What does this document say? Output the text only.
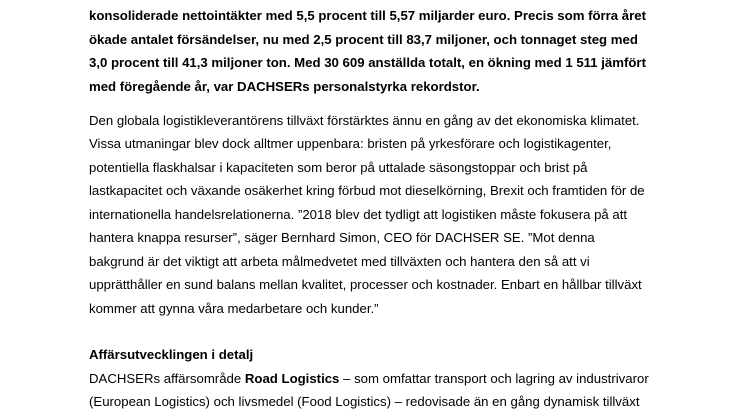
konsoliderade nettointäkter med 5,5 procent till 5,57 miljarder euro. Precis som förra året
ökade antalet försändelser, nu med 2,5 procent till 83,7 miljoner, och tonnaget steg med
3,0 procent till 41,3 miljoner ton. Med 30 609 anställda totalt, en ökning med 1 511 jämfört
med föregående år, var DACHSERs personalstyrka rekordstor.
Den globala logistikleverantörens tillväxt förstärktes ännu en gång av det ekonomiska klimatet.
Vissa utmaningar blev dock alltmer uppenbara: bristen på yrkesförare och logistikagenter,
potentiella flaskhalsar i kapaciteten som beror på uttalade säsongstoppar och brist på
lastkapacitet och växande osäkerhet kring förbud mot dieselkörning, Brexit och framtiden för de
internationella handelsrelationerna. ”2018 blev det tydligt att logistiken måste fokusera på att
hantera knappa resurser”, säger Bernhard Simon, CEO för DACHSER SE. ”Mot denna
bakgrund är det viktigt att arbeta målmedvetet med tillväxten och hantera den så att vi
upprätthåller en sund balans mellan kvalitet, processer och kostnader. Enbart en hållbar tillväxt
kommer att gynna våra medarbetare och kunder.”
Affärsutvecklingen i detalj
DACHSERs affärsområde Road Logistics – som omfattar transport och lagring av industrivaror
(European Logistics) och livsmedel (Food Logistics) – redovisade än en gång dynamisk tillväxt
